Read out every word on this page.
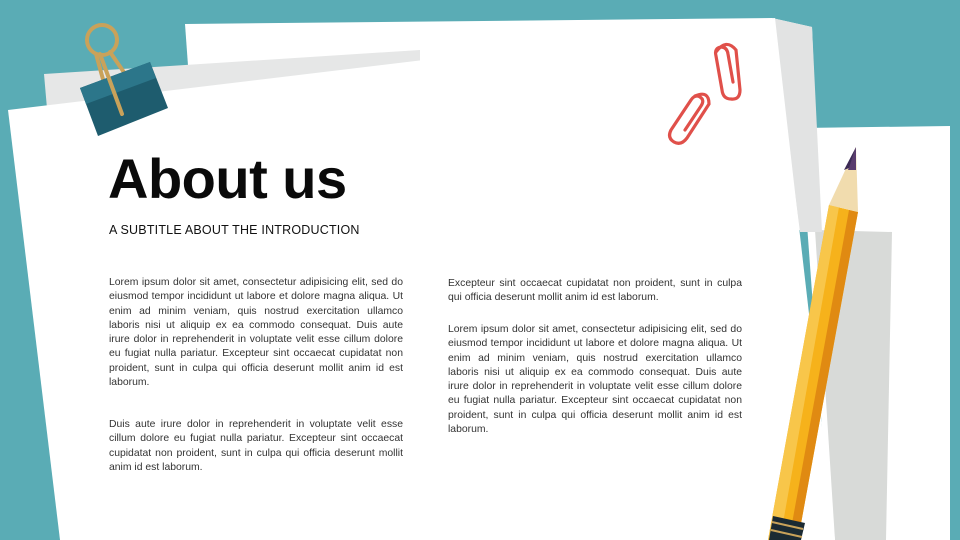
About us
A SUBTITLE ABOUT THE INTRODUCTION

Lorem ipsum dolor sit amet, consectetur adipisicing elit, sed do eiusmod tempor incididunt ut labore et dolore magna aliqua. Ut enim ad minim veniam, quis nostrud exercitation ullamco laboris nisi ut aliquip ex ea commodo consequat. Duis aute irure dolor in reprehenderit in voluptate velit esse cillum dolore eu fugiat nulla pariatur. Excepteur sint occaecat cupidatat non proident, sunt in culpa qui officia deserunt mollit anim id est laborum.

Duis aute irure dolor in reprehenderit in voluptate velit esse cillum dolore eu fugiat nulla pariatur. Excepteur sint occaecat cupidatat non proident, sunt in culpa qui officia deserunt mollit anim id est laborum.

Excepteur sint occaecat cupidatat non proident, sunt in culpa qui officia deserunt mollit anim id est laborum.

Lorem ipsum dolor sit amet, consectetur adipisicing elit, sed do eiusmod tempor incididunt ut labore et dolore magna aliqua. Ut enim ad minim veniam, quis nostrud exercitation ullamco laboris nisi ut aliquip ex ea commodo consequat. Duis aute irure dolor in reprehenderit in voluptate velit esse cillum dolore eu fugiat nulla pariatur. Excepteur sint occaecat cupidatat non proident, sunt in culpa qui officia deserunt mollit anim id est laborum.
